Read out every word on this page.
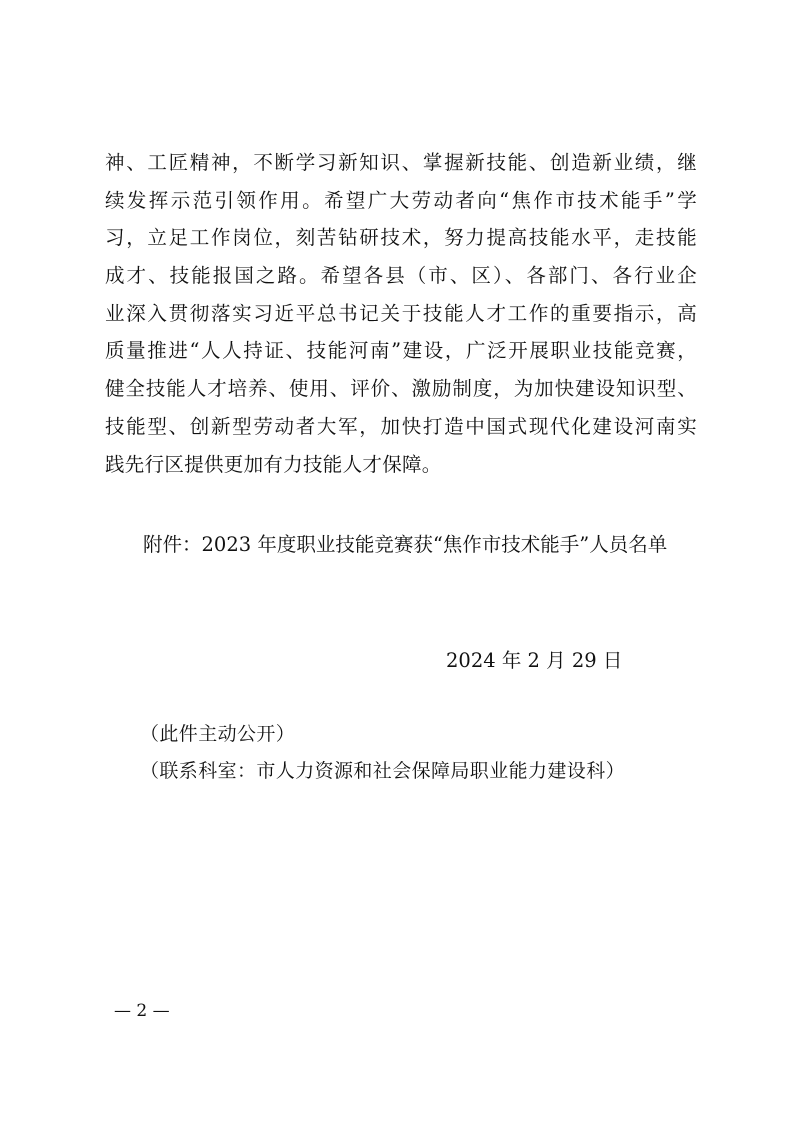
神、工匠精神，不断学习新知识、掌握新技能、创造新业绩，继
续发挥示范引领作用。希望广大劳动者向“焦作市技术能手”学
习，立足工作岗位，刻苦钻研技术，努力提高技能水平，走技能
成才、技能报国之路。希望各县（市、区）、各部门、各行业企
业深入贯彻落实习近平总书记关于技能人才工作的重要指示，高
质量推进“人人持证、技能河南”建设，广泛开展职业技能竞赛，
健全技能人才培养、使用、评价、激励制度，为加快建设知识型、
技能型、创新型劳动者大军，加快打造中国式现代化建设河南实
践先行区提供更加有力技能人才保障。
附件：2023 年度职业技能竞赛获“焦作市技术能手”人员名单
2024 年 2 月 29 日
（此件主动公开）
（联系科室：市人力资源和社会保障局职业能力建设科）
— 2 —
